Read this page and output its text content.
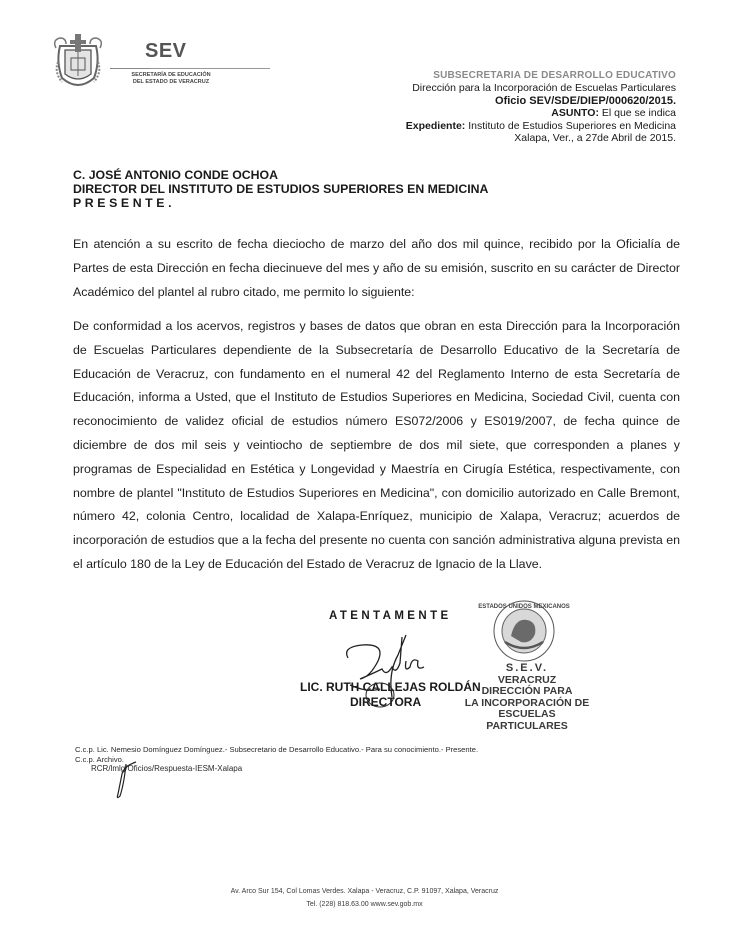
SEV
SECRETARÍA DE EDUCACIÓN
DEL ESTADO DE VERACRUZ
SUBSECRETARIA DE DESARROLLO EDUCATIVO
Dirección para la Incorporación de Escuelas Particulares
Oficio SEV/SDE/DIEP/000620/2015.
ASUNTO: El que se indica
Expediente: Instituto de Estudios Superiores en Medicina
Xalapa, Ver., a 27de Abril de 2015.
C. JOSÉ ANTONIO CONDE OCHOA
DIRECTOR DEL INSTITUTO DE ESTUDIOS SUPERIORES EN MEDICINA
PRESENTE.
En atención a su escrito de fecha dieciocho de marzo del año dos mil quince, recibido por la Oficialía de Partes de esta Dirección en fecha diecinueve del mes y año de su emisión, suscrito en su carácter de Director Académico del plantel al rubro citado, me permito lo siguiente:
De conformidad a los acervos, registros y bases de datos que obran en esta Dirección para la Incorporación de Escuelas Particulares dependiente de la Subsecretaría de Desarrollo Educativo de la Secretaría de Educación de Veracruz, con fundamento en el numeral 42 del Reglamento Interno de esta Secretaría de Educación, informa a Usted, que el Instituto de Estudios Superiores en Medicina, Sociedad Civil, cuenta con reconocimiento de validez oficial de estudios número ES072/2006 y ES019/2007, de fecha quince de diciembre de dos mil seis y veintiocho de septiembre de dos mil siete, que corresponden a planes y programas de Especialidad en Estética y Longevidad y Maestría en Cirugía Estética, respectivamente, con nombre de plantel "Instituto de Estudios Superiores en Medicina", con domicilio autorizado en Calle Bremont, número 42, colonia Centro, localidad de Xalapa-Enríquez, municipio de Xalapa, Veracruz; acuerdos de incorporación de estudios que a la fecha del presente no cuenta con sanción administrativa alguna prevista en el artículo 180 de la Ley de Educación del Estado de Veracruz de Ignacio de la Llave.
ATENTAMENTE
LIC. RUTH CALLEJAS ROLDÁN
DIRECTORA
ESTADOS UNIDOS MEXICANOS
S.E.V.
VERACRUZ
DIRECCIÓN PARA
LA INCORPORACIÓN DE
ESCUELAS PARTICULARES
C.c.p. Lic. Nemesio Domínguez Domínguez.- Subsecretario de Desarrollo Educativo.- Para su conocimiento.- Presente.
C.c.p. Archivo.
RCR/lmlg/Oficios/Respuesta-IESM-Xalapa
Av. Arco Sur 154, Col Lomas Verdes. Xalapa - Veracruz, C.P. 91097, Xalapa, Veracruz
Tel. (228) 818.63.00 www.sev.gob.mx
